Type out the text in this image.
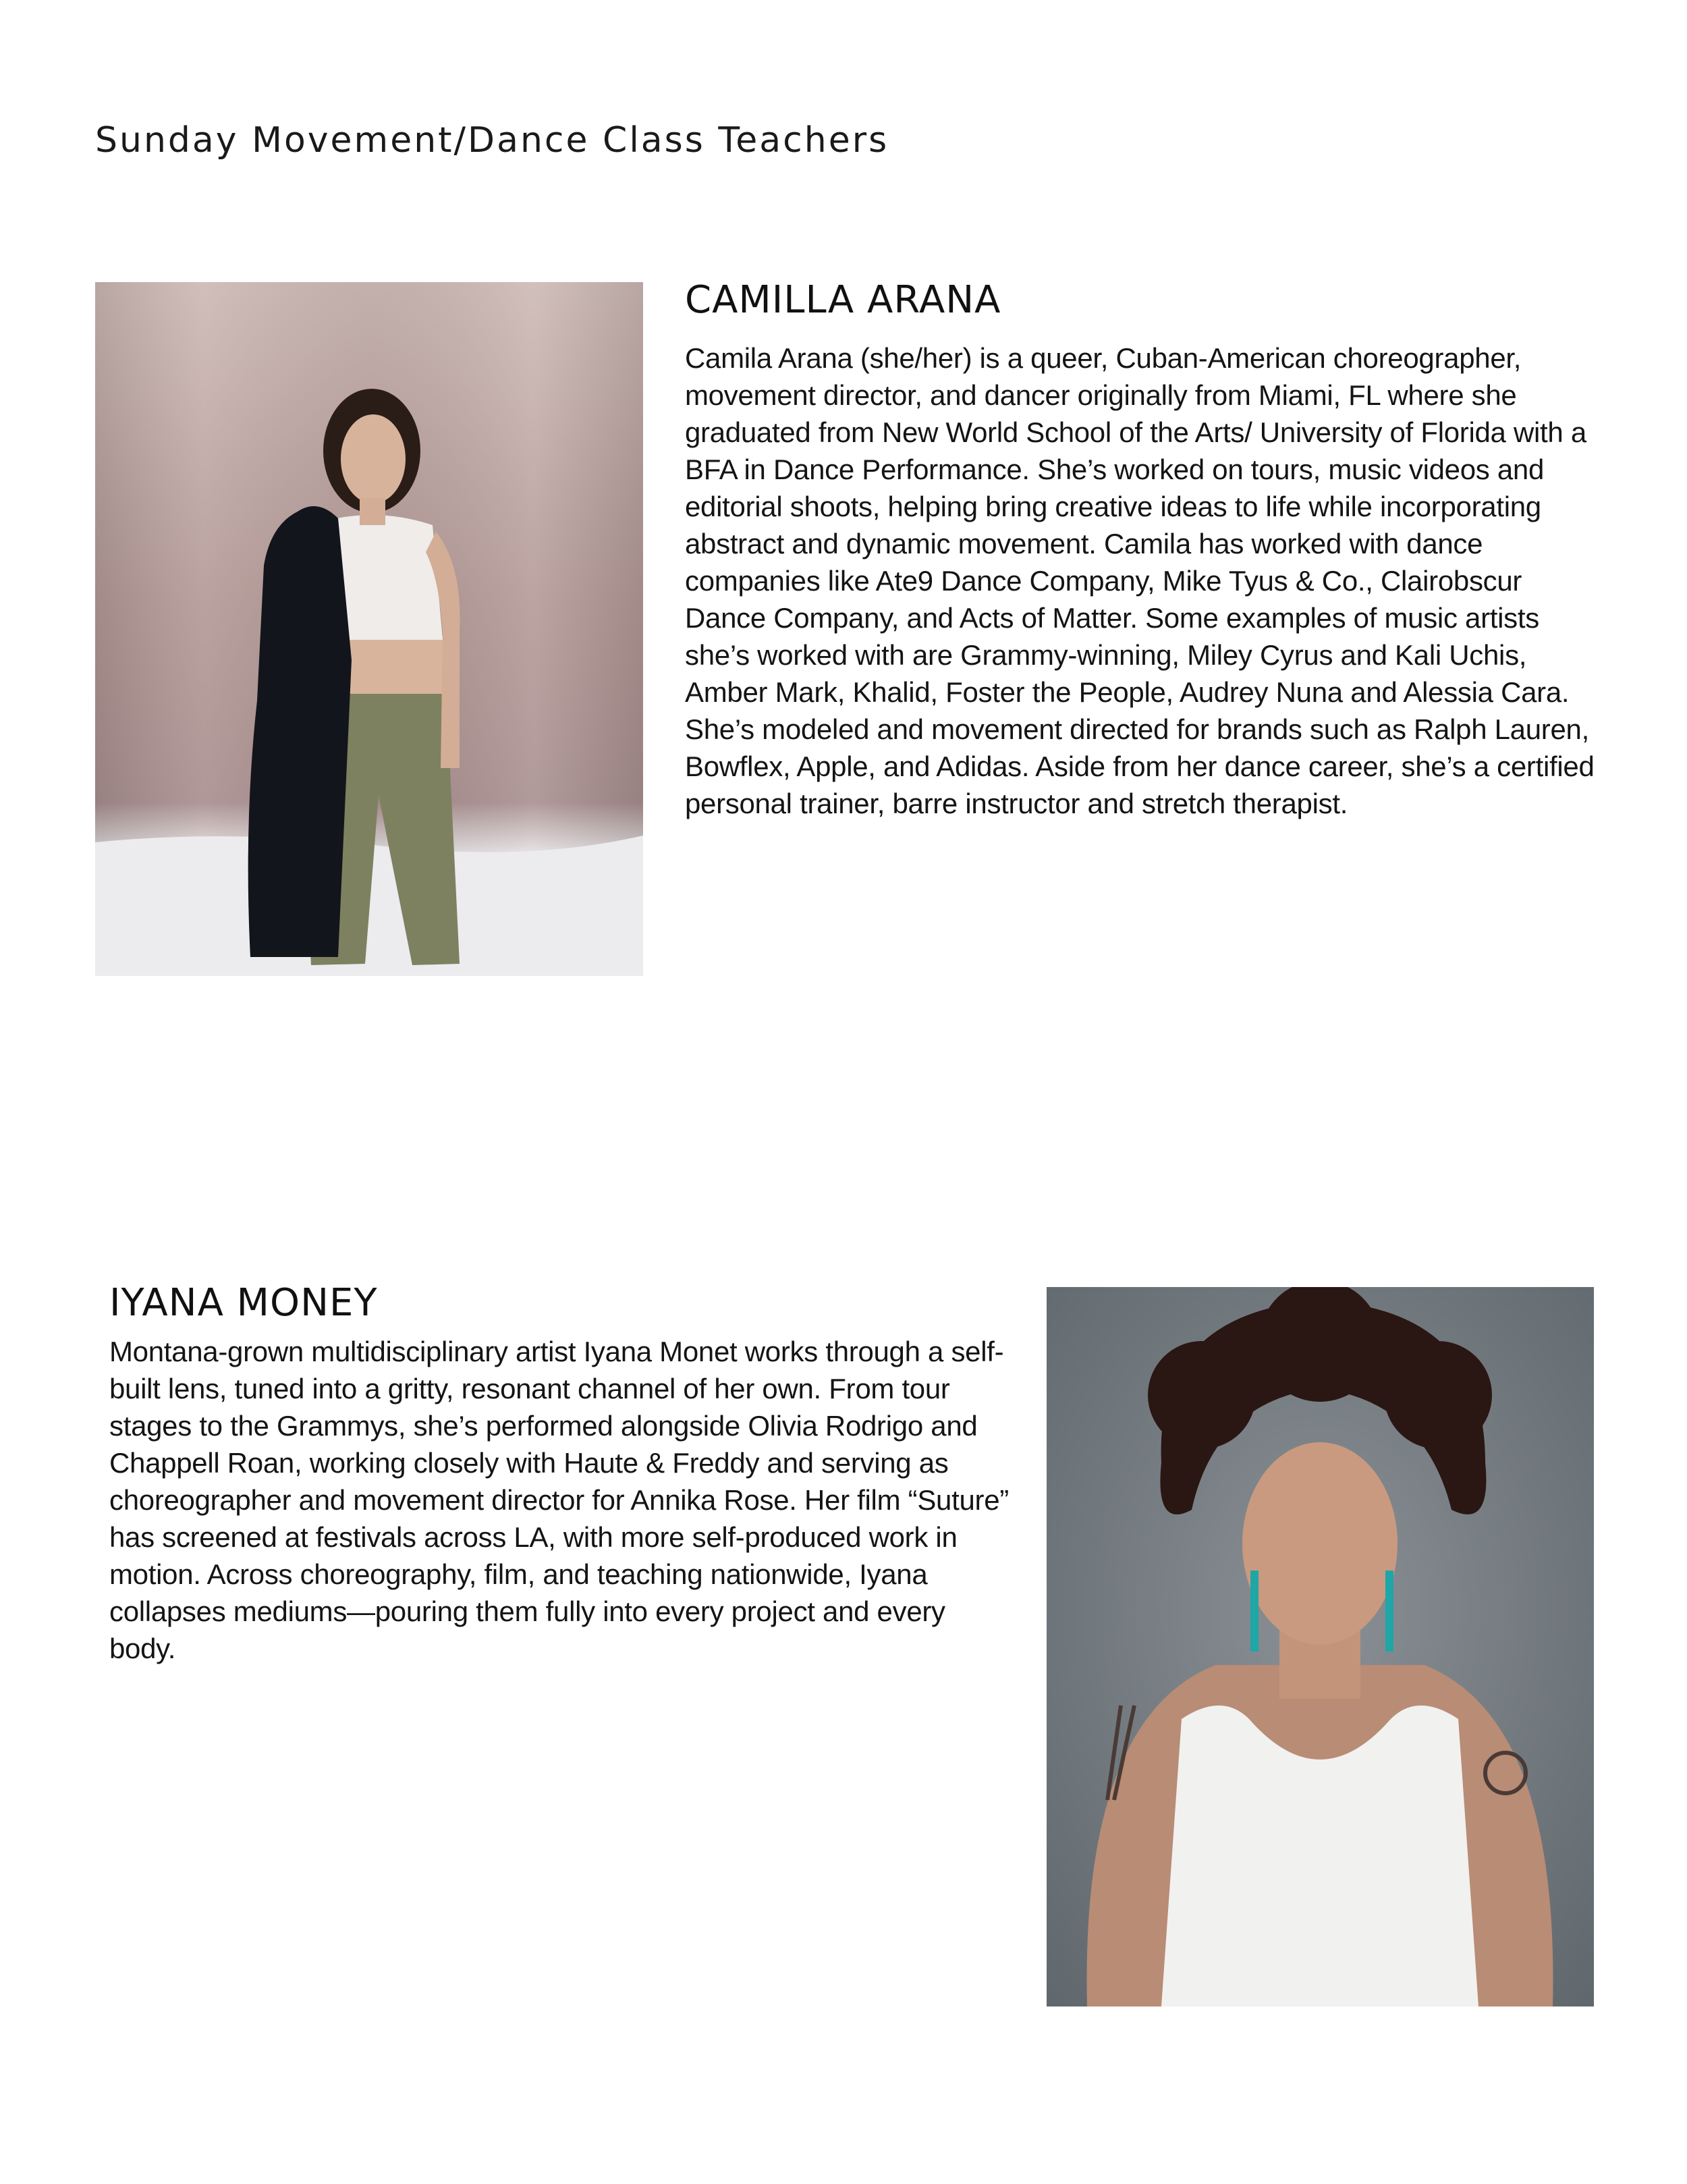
Sunday Movement/Dance Class Teachers
CAMILLA ARANA

Camila Arana (she/her) is a queer, Cuban-American choreographer, movement director, and dancer originally from Miami, FL where she graduated from New World School of the Arts/ University of Florida with a BFA in Dance Performance. She’s worked on tours, music videos and editorial shoots, helping bring creative ideas to life while incorporating abstract and dynamic movement. Camila has worked with dance companies like Ate9 Dance Company, Mike Tyus & Co., Clairobscur Dance Company, and Acts of Matter. Some examples of music artists she’s worked with are Grammy-winning, Miley Cyrus and Kali Uchis, Amber Mark, Khalid, Foster the People, Audrey Nuna and Alessia Cara. She’s modeled and movement directed for brands such as Ralph Lauren, Bowflex, Apple, and Adidas. Aside from her dance career, she’s a certified personal trainer, barre instructor and stretch therapist.

IYANA MONEY

Montana-grown multidisciplinary artist Iyana Monet works through a self-built lens, tuned into a gritty, resonant channel of her own. From tour stages to the Grammys, she’s performed alongside Olivia Rodrigo and Chappell Roan, working closely with Haute & Freddy and serving as choreographer and movement director for Annika Rose. Her film “Suture” has screened at festivals across LA, with more self-produced work in motion. Across choreography, film, and teaching nationwide, Iyana collapses mediums—pouring them fully into every project and every body.
